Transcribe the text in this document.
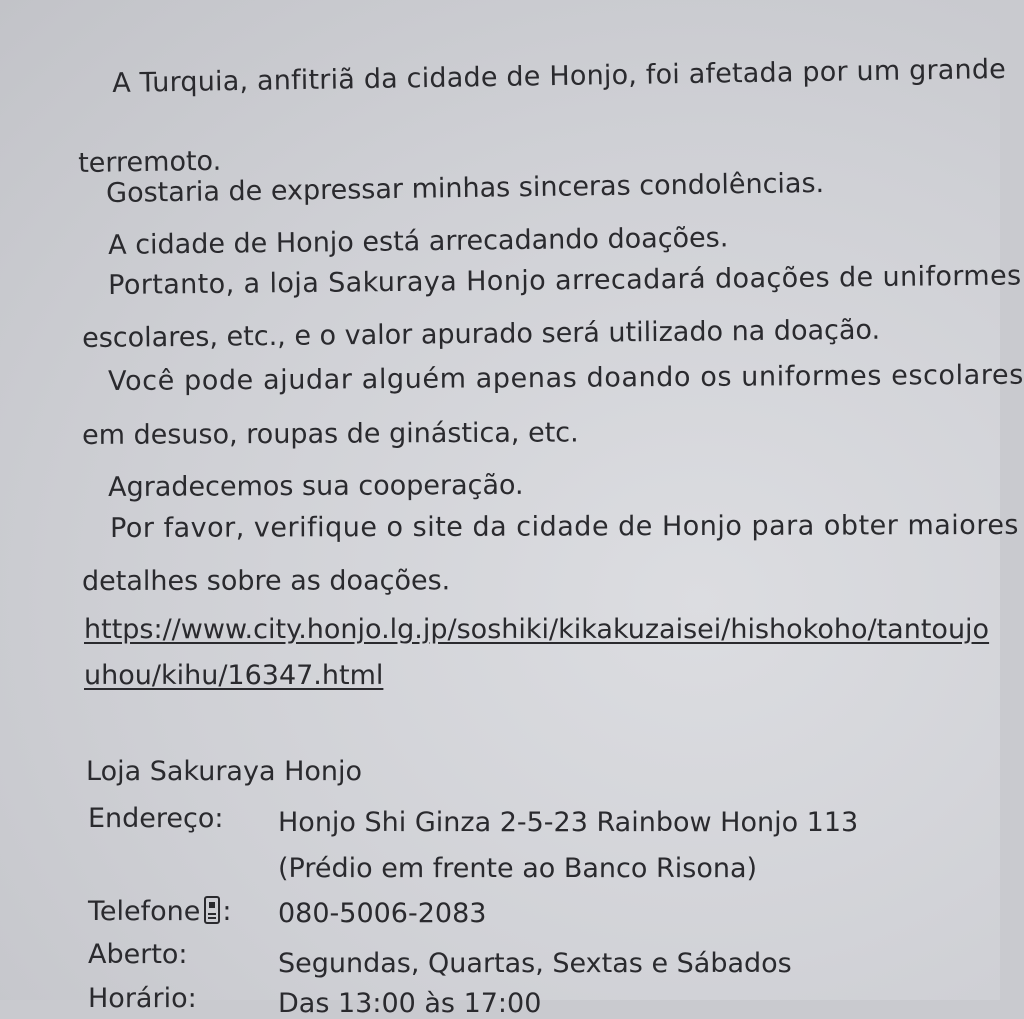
A Turquia, anfitriã da cidade de Honjo, foi afetada por um grande

terremoto.

Gostaria de expressar minhas sinceras condolências.

A cidade de Honjo está arrecadando doações.

Portanto, a loja Sakuraya Honjo arrecadará doações de uniformes

escolares, etc., e o valor apurado será utilizado na doação.

Você pode ajudar alguém apenas doando os uniformes escolares

em desuso, roupas de ginástica, etc.

Agradecemos sua cooperação.

Por favor, verifique o site da cidade de Honjo para obter maiores

detalhes sobre as doações.

https://www.city.honjo.lg.jp/soshiki/kikakuzaisei/hishokoho/tantoujo
uhou/kihu/16347.html
Loja Sakuraya Honjo
Endereço: Honjo Shi Ginza 2-5-23 Rainbow Honjo 113
(Prédio em frente ao Banco Risona)
Telefone : 080-5006-2083
Aberto:	Segundas, Quartas, Sextas e Sábados
Horário:	Das 13:00 às 17:00
